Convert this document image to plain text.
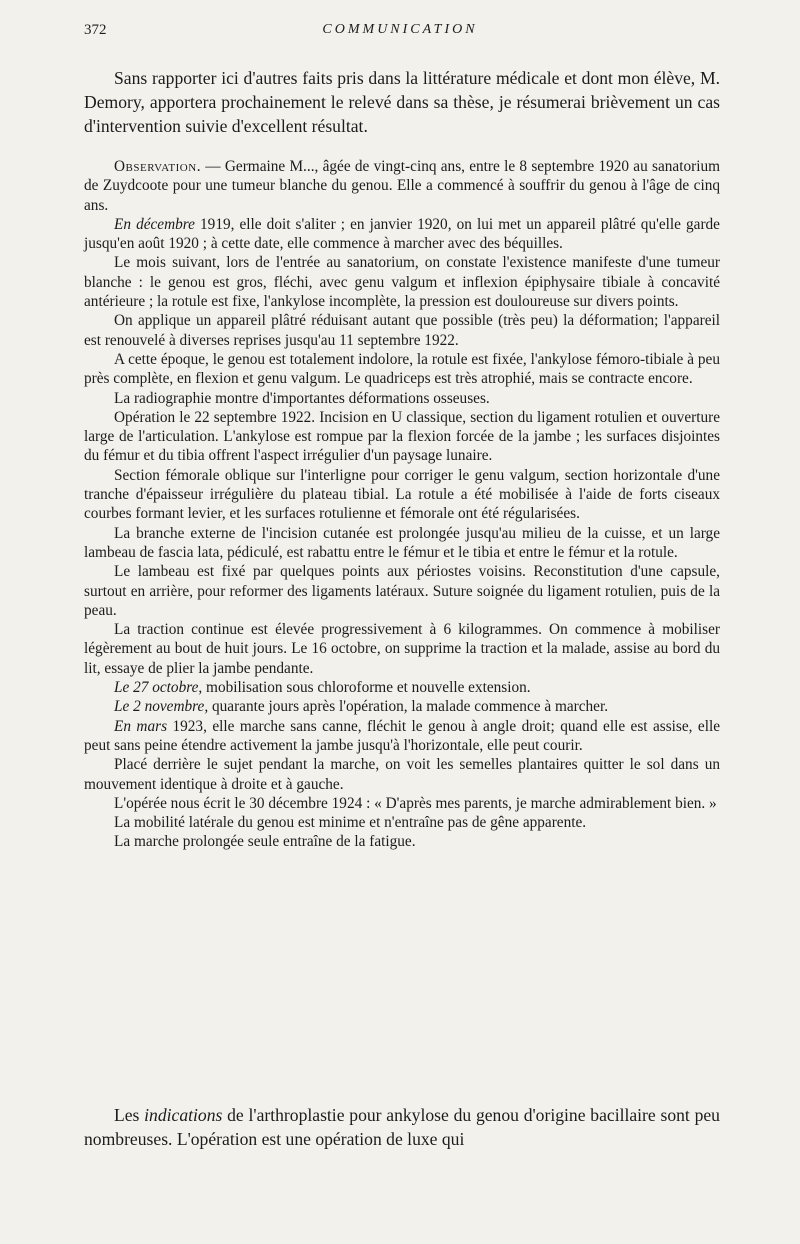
372	COMMUNICATION

Sans rapporter ici d'autres faits pris dans la littérature médicale et dont mon élève, M. Demory, apportera prochainement le relevé dans sa thèse, je résumerai brièvement un cas d'intervention suivie d'excellent résultat.

Observation. — Germaine M..., âgée de vingt-cinq ans, entre le 8 septembre 1920 au sanatorium de Zuydcoote pour une tumeur blanche du genou. Elle a commencé à souffrir du genou à l'âge de cinq ans.

En décembre 1919, elle doit s'aliter ; en janvier 1920, on lui met un appareil plâtré qu'elle garde jusqu'en août 1920 ; à cette date, elle commence à marcher avec des béquilles.

Le mois suivant, lors de l'entrée au sanatorium, on constate l'existence manifeste d'une tumeur blanche : le genou est gros, fléchi, avec genu valgum et inflexion épiphysaire tibiale à concavité antérieure ; la rotule est fixe, l'ankylose incomplète, la pression est douloureuse sur divers points.

On applique un appareil plâtré réduisant autant que possible (très peu) la déformation; l'appareil est renouvelé à diverses reprises jusqu'au 11 septembre 1922.

A cette époque, le genou est totalement indolore, la rotule est fixée, l'ankylose fémoro-tibiale à peu près complète, en flexion et genu valgum. Le quadriceps est très atrophié, mais se contracte encore.

La radiographie montre d'importantes déformations osseuses.

Opération le 22 septembre 1922. Incision en U classique, section du ligament rotulien et ouverture large de l'articulation. L'ankylose est rompue par la flexion forcée de la jambe ; les surfaces disjointes du fémur et du tibia offrent l'aspect irrégulier d'un paysage lunaire.

Section fémorale oblique sur l'interligne pour corriger le genu valgum, section horizontale d'une tranche d'épaisseur irrégulière du plateau tibial. La rotule a été mobilisée à l'aide de forts ciseaux courbes formant levier, et les surfaces rotulienne et fémorale ont été régularisées.

La branche externe de l'incision cutanée est prolongée jusqu'au milieu de la cuisse, et un large lambeau de fascia lata, pédiculé, est rabattu entre le fémur et le tibia et entre le fémur et la rotule.

Le lambeau est fixé par quelques points aux périostes voisins. Reconstitution d'une capsule, surtout en arrière, pour reformer des ligaments latéraux. Suture soignée du ligament rotulien, puis de la peau.

La traction continue est élevée progressivement à 6 kilogrammes. On commence à mobiliser légèrement au bout de huit jours. Le 16 octobre, on supprime la traction et la malade, assise au bord du lit, essaye de plier la jambe pendante.

Le 27 octobre, mobilisation sous chloroforme et nouvelle extension.

Le 2 novembre, quarante jours après l'opération, la malade commence à marcher.

En mars 1923, elle marche sans canne, fléchit le genou à angle droit; quand elle est assise, elle peut sans peine étendre activement la jambe jusqu'à l'horizontale, elle peut courir.

Placé derrière le sujet pendant la marche, on voit les semelles plantaires quitter le sol dans un mouvement identique à droite et à gauche.

L'opérée nous écrit le 30 décembre 1924 : « D'après mes parents, je marche admirablement bien. »

La mobilité latérale du genou est minime et n'entraîne pas de gêne apparente.

La marche prolongée seule entraîne de la fatigue.

Les indications de l'arthroplastie pour ankylose du genou d'origine bacillaire sont peu nombreuses. L'opération est une opération de luxe qui
